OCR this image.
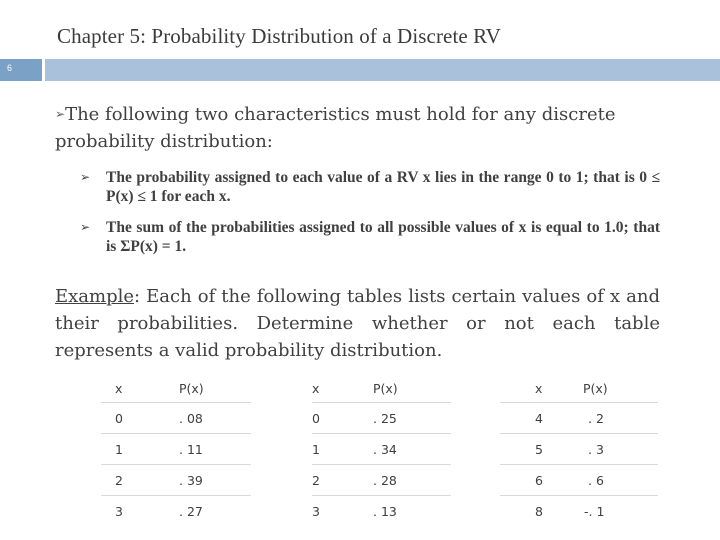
Chapter 5: Probability Distribution of a Discrete RV
6
➢The following two characteristics must hold for any discrete probability distribution:
➢ The probability assigned to each value of a RV x lies in the range 0 to 1; that is 0 ≤ P(x) ≤ 1 for each x.
➢ The sum of the probabilities assigned to all possible values of x is equal to 1.0; that is ΣP(x) = 1.
Example: Each of the following tables lists certain values of x and their probabilities. Determine whether or not each table represents a valid probability distribution.
x	P(x)
0	. 08
1	. 11
2	. 39
3	. 27
x	P(x)
0	. 25
1	. 34
2	. 28
3	. 13
x	P(x)
4	. 2
5	. 3
6	. 6
8	-. 1
